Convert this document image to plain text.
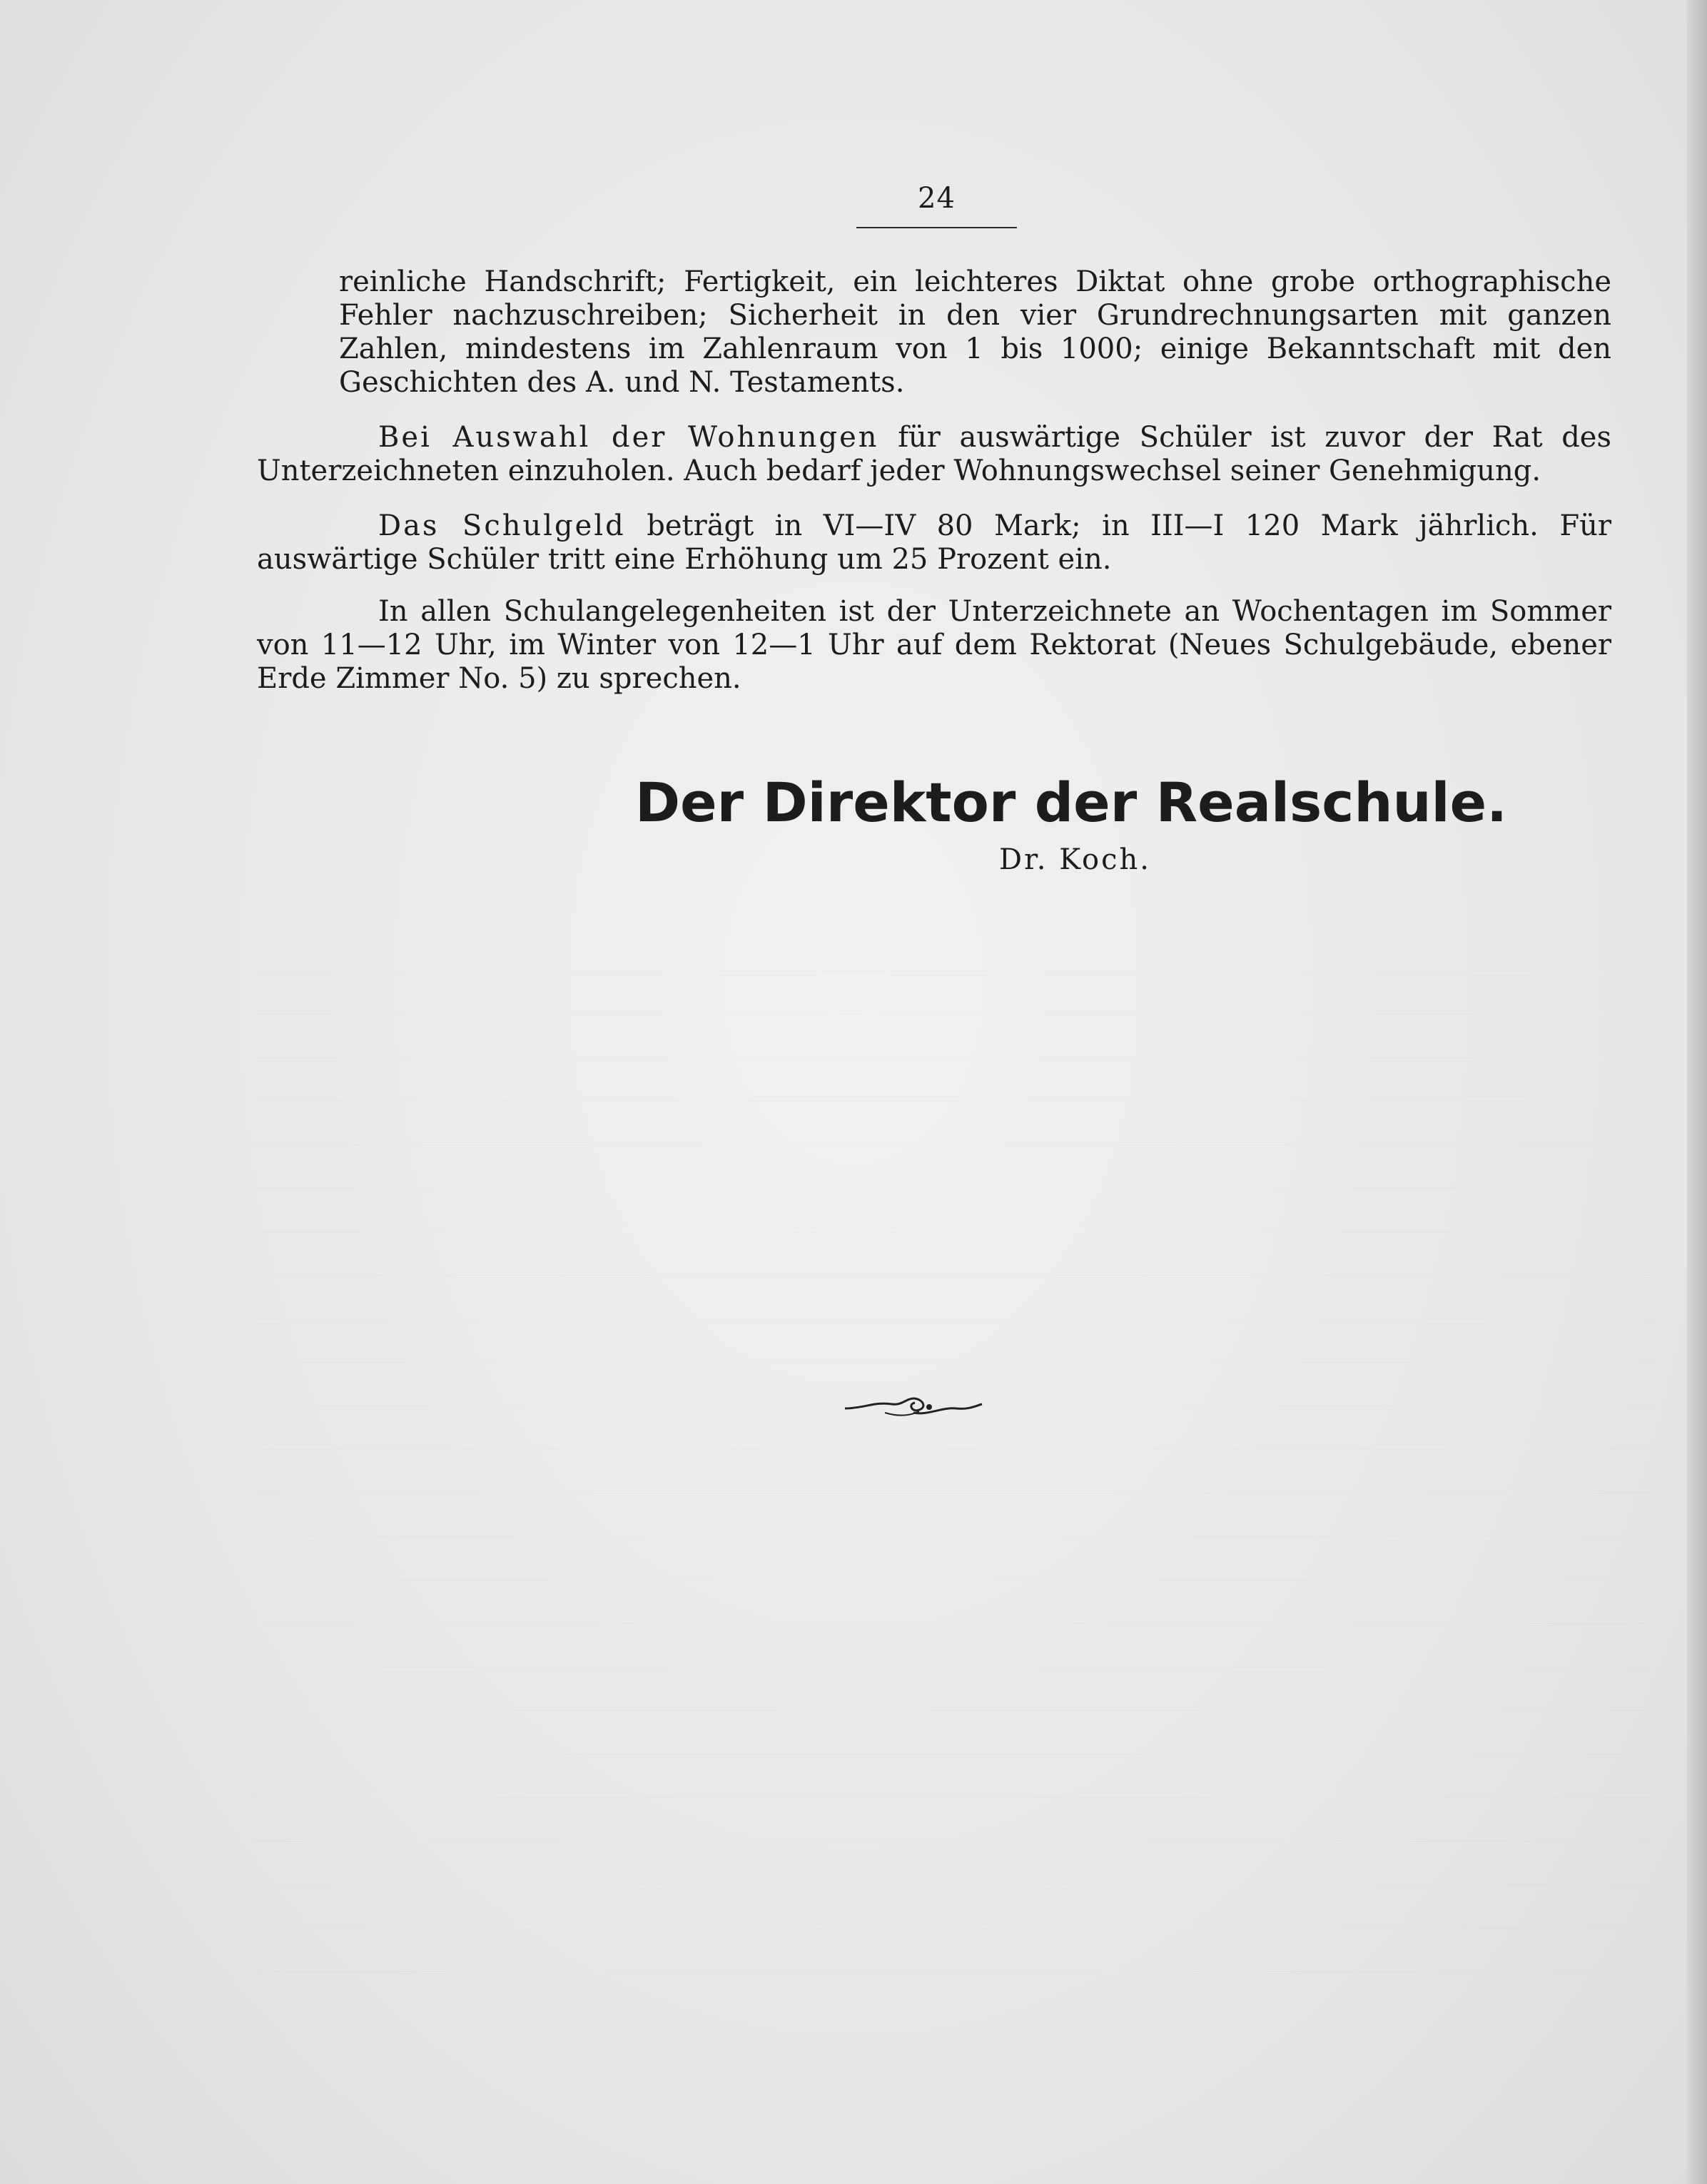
24

reinliche Handschrift; Fertigkeit, ein leichteres Diktat ohne grobe orthographische Fehler nachzuschreiben; Sicherheit in den vier Grundrechnungsarten mit ganzen Zahlen, mindestens im Zahlenraum von 1 bis 1000; einige Bekanntschaft mit den Geschichten des A. und N. Testaments.

Bei Auswahl der Wohnungen für auswärtige Schüler ist zuvor der Rat des Unterzeichneten einzuholen. Auch bedarf jeder Wohnungswechsel seiner Genehmigung.

Das Schulgeld beträgt in VI—IV 80 Mark; in III—I 120 Mark jährlich. Für auswärtige Schüler tritt eine Erhöhung um 25 Prozent ein.

In allen Schulangelegenheiten ist der Unterzeichnete an Wochentagen im Sommer von 11—12 Uhr, im Winter von 12—1 Uhr auf dem Rektorat (Neues Schulgebäude, ebener Erde Zimmer No. 5) zu sprechen.

Der Direktor der Realschule.
Dr. Koch.
